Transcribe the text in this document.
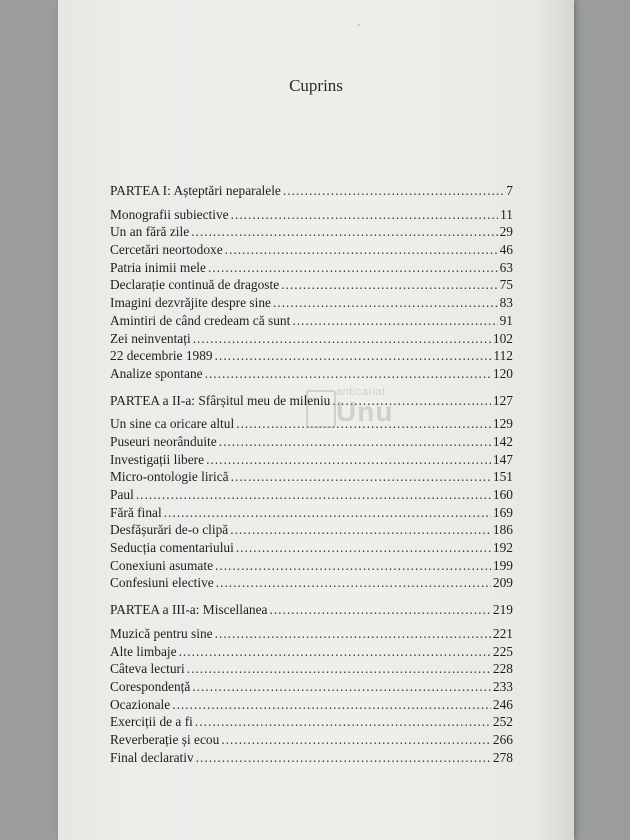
Cuprins
PARTEA I: Așteptări neparalele .....	7
Monografii subiective .....	11
Un an fără zile .....	29
Cercetări neortodoxe .....	46
Patria inimii mele .....	63
Declarație continuă de dragoste .....	75
Imagini dezvrăjite despre sine .....	83
Amintiri de când credeam că sunt .....	91
Zei neinventați .....	102
22 decembrie 1989 .....	112
Analize spontane .....	120
PARTEA a II-a: Sfârșitul meu de mileniu .....	127
Un sine ca oricare altul .....	129
Puseuri neorânduite .....	142
Investigații libere .....	147
Micro-ontologie lirică .....	151
Paul .....	160
Fără final .....	169
Desfășurări de-o clipă .....	186
Seducția comentariului .....	192
Conexiuni asumate .....	199
Confesiuni elective .....	209
PARTEA a III-a: Miscellanea .....	219
Muzică pentru sine .....	221
Alte limbaje .....	225
Câteva lecturi .....	228
Corespondență .....	233
Ocazionale .....	246
Exerciții de a fi .....	252
Reverberație și ecou .....	266
Final declarativ .....	278
anticariat
Unu
